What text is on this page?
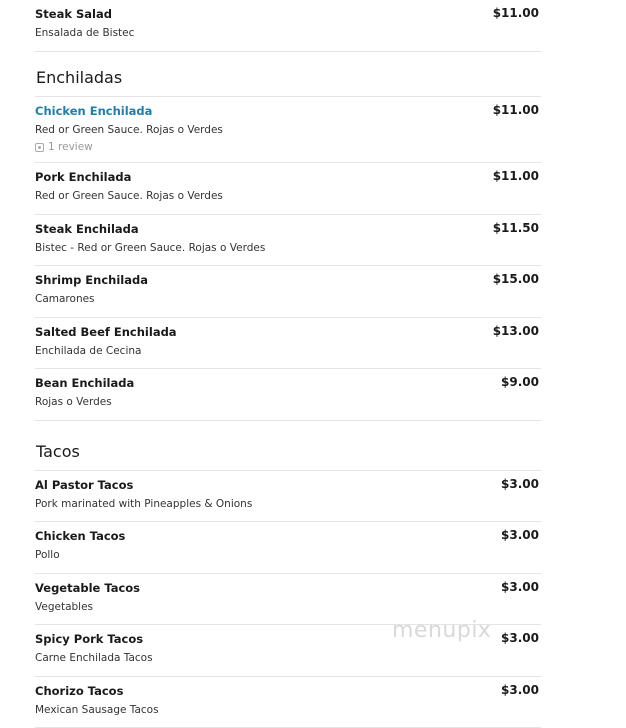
Steak Salad	$11.00
Ensalada de Bistec
Enchiladas
Chicken Enchilada	$11.00
Red or Green Sauce. Rojas o Verdes
1 review
Pork Enchilada	$11.00
Red or Green Sauce. Rojas o Verdes
Steak Enchilada	$11.50
Bistec - Red or Green Sauce. Rojas o Verdes
Shrimp Enchilada	$15.00
Camarones
Salted Beef Enchilada	$13.00
Enchilada de Cecina
Bean Enchilada	$9.00
Rojas o Verdes
Tacos
Al Pastor Tacos	$3.00
Pork marinated with Pineapples & Onions
Chicken Tacos	$3.00
Pollo
Vegetable Tacos	$3.00
Vegetables
Spicy Pork Tacos	$3.00
Carne Enchilada Tacos
Chorizo Tacos	$3.00
Mexican Sausage Tacos
menupix
